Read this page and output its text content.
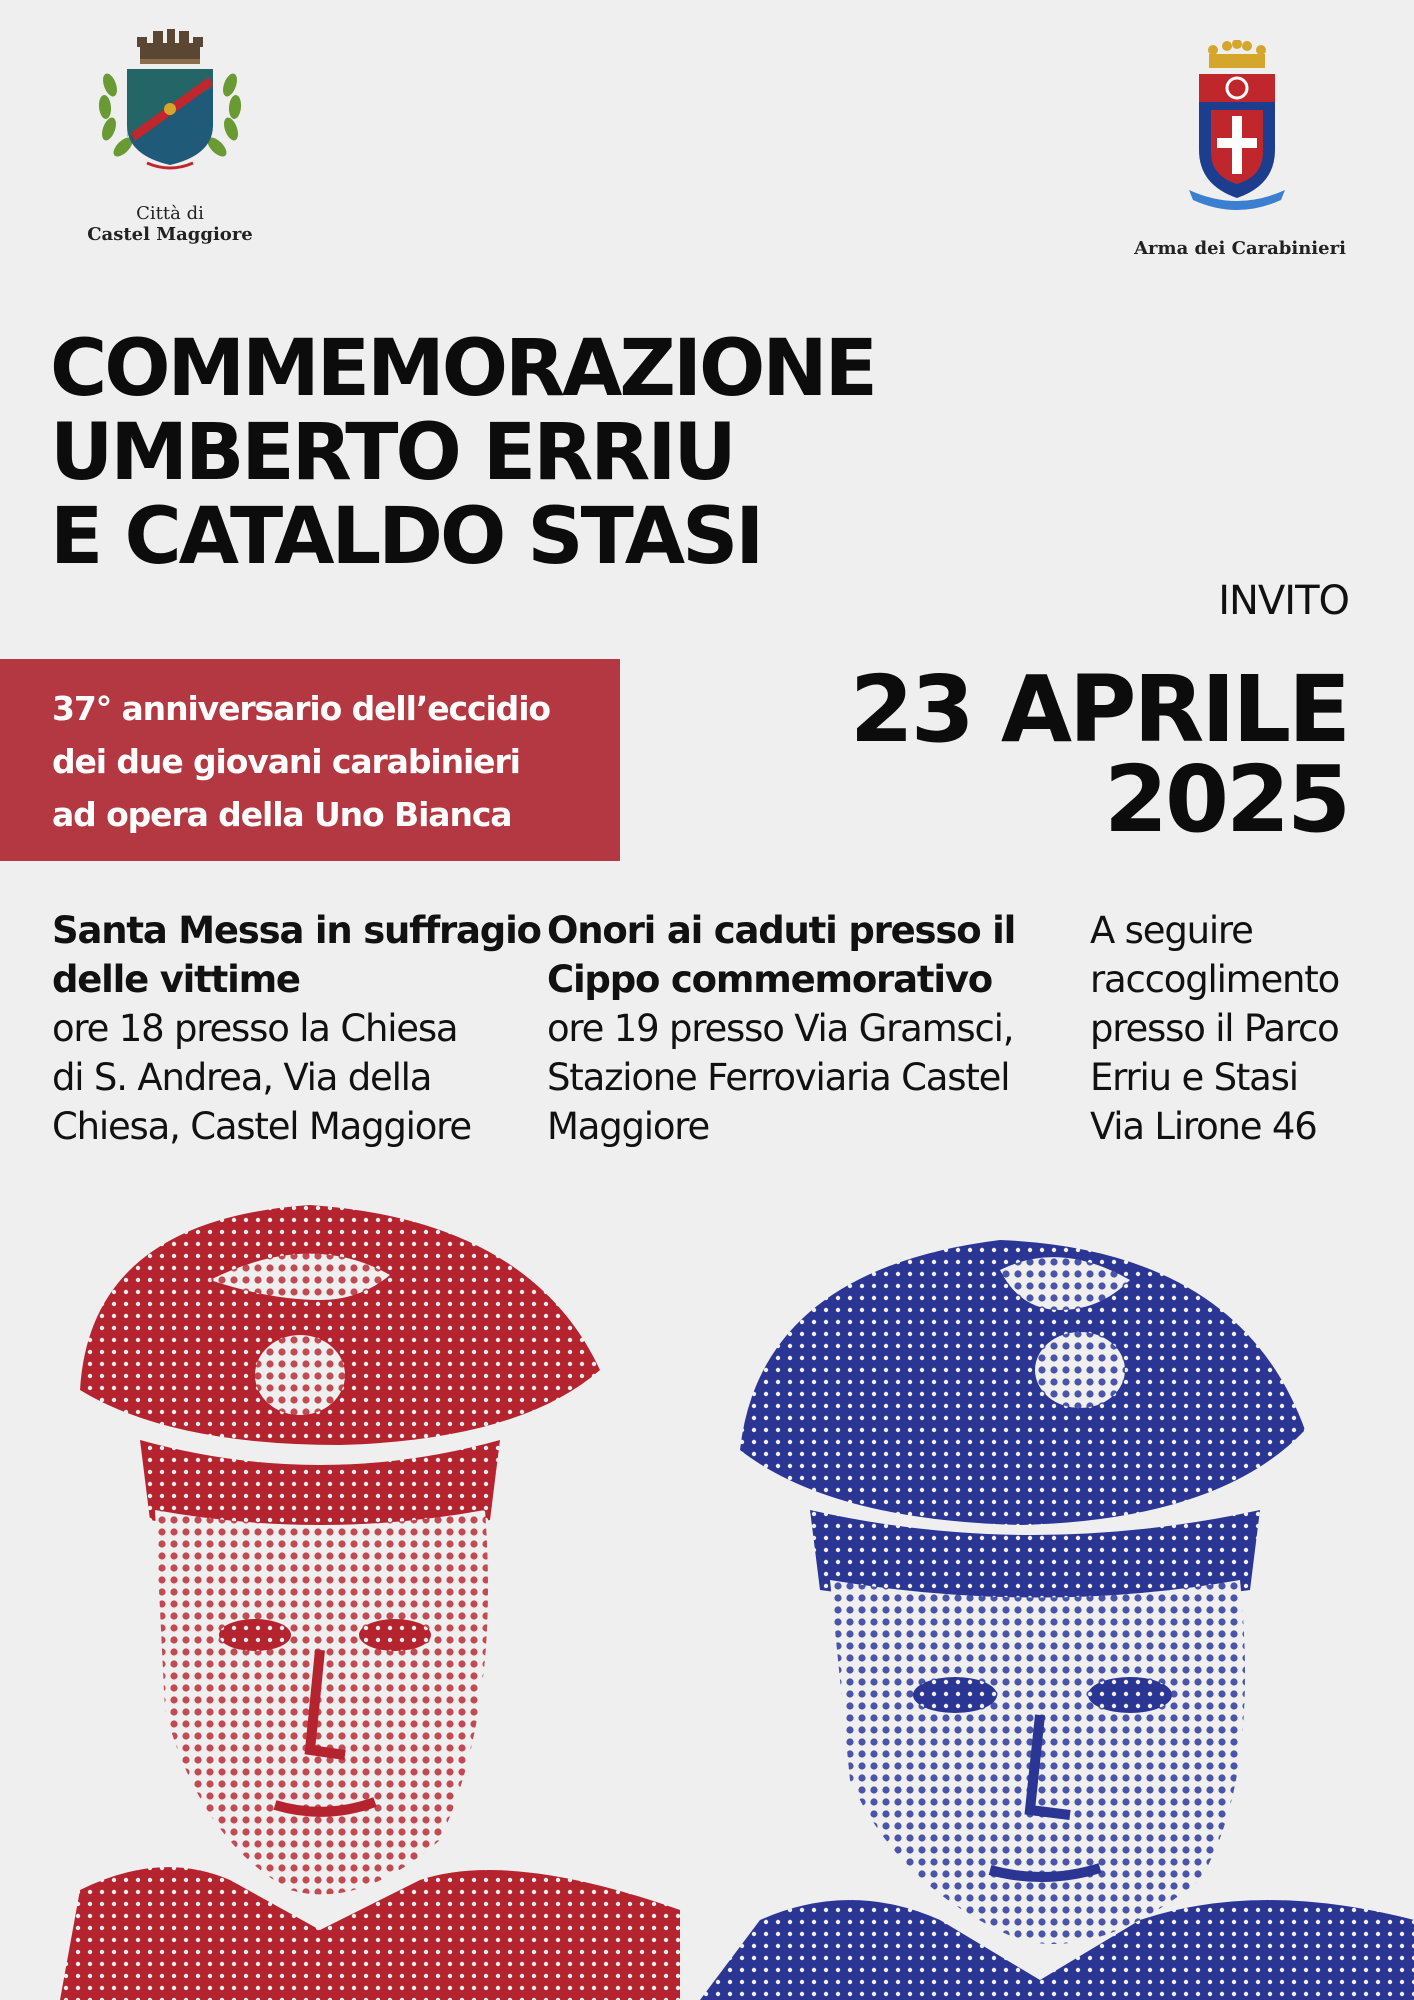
Città di
Castel Maggiore
Arma dei Carabinieri
COMMEMORAZIONE
UMBERTO ERRIU
E CATALDO STASI
37° anniversario dell’eccidio
dei due giovani carabinieri
ad opera della Uno Bianca
INVITO
23 APRILE
2025
Santa Messa in suffragio
delle vittime
ore 18 presso la Chiesa
di S. Andrea, Via della
Chiesa, Castel Maggiore
Onori ai caduti presso il
Cippo commemorativo
ore 19 presso Via Gramsci,
Stazione Ferroviaria Castel
Maggiore
A seguire
raccoglimento
presso il Parco
Erriu e Stasi
Via Lirone 46
